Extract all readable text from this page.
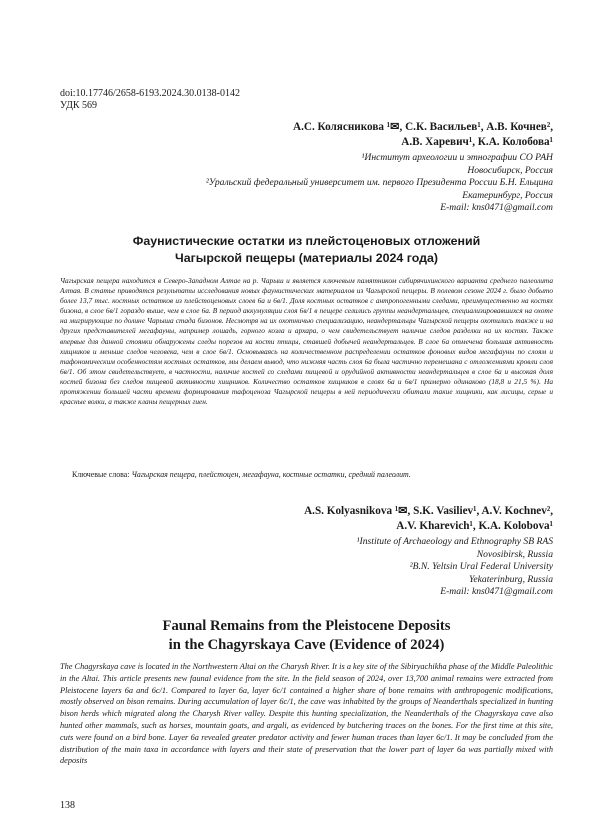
doi:10.17746/2658-6193.2024.30.0138-0142
УДК 569
А.С. Колясникова ¹✉, С.К. Васильев¹, А.В. Кочнев²,
А.В. Харевич¹, К.А. Колобова¹
¹Институт археологии и этнографии СО РАН
Новосибирск, Россия
²Уральский федеральный университет им. первого Президента России Б.Н. Ельцина
Екатеринбург, Россия
E-mail: kns0471@gmail.com
Фаунистические остатки из плейстоценовых отложений
Чагырской пещеры (материалы 2024 года)
Чагырская пещера находится в Северо-Западном Алтае на р. Чарыш и является ключевым памятником сибирячихинского варианта среднего палеолита Алтая. В статье приводятся результаты исследования новых фаунистических материалов из Чагырской пещеры. В полевом сезоне 2024 г. было добыто более 13,7 тыс. костных остатков из плейстоценовых слоев 6а и 6в/1. Доля костных остатков с антропогенными следами, преимущественно на костях бизона, в слое 6в/1 гораздо выше, чем в слое 6а. В период аккумуляции слоя 6в/1 в пещере селились группы неандертальцев, специализировавшихся на охоте на мигрирующие по долине Чарыша стада бизонов. Несмотря на их охотничью специализацию, неандертальцы Чагырской пещеры охотились также и на других представителей мегафауны, например лошадь, горного козла и архара, о чем свидетельствует наличие следов разделки на их костях. Также впервые для данной стоянки обнаружены следы порезов на кости птицы, ставшей добычей неандертальцев. В слое 6а отмечена большая активность хищников и меньше следов человека, чем в слое 6в/1. Основываясь на количественном распределении остатков фоновых видов мегафауны по слоям и тафономическим особенностям костных остатков, мы делаем вывод, что нижняя часть слоя 6а была частично перемешана с отложениями кровли слоя 6в/1. Об этом свидетельствует, в частности, наличие костей со следами пищевой и орудийной активности неандертальцев в слое 6а и высокая доля костей бизона без следов пищевой активности хищников. Количество остатков хищников в слоях 6а и 6в/1 примерно одинаково (18,8 и 21,5 %). На протяжении большей части времени формирования тафоценоза Чагырской пещеры в ней периодически обитали такие хищники, как лисицы, серые и красные волки, а также кланы пещерных гиен.
Ключевые слова: Чагырская пещера, плейстоцен, мегафауна, костные остатки, средний палеолит.
A.S. Kolyasnikova ¹✉, S.K. Vasiliev¹, A.V. Kochnev²,
A.V. Kharevich¹, K.A. Kolobova¹
¹Institute of Archaeology and Ethnography SB RAS
Novosibirsk, Russia
²B.N. Yeltsin Ural Federal University
Yekaterinburg, Russia
E-mail: kns0471@gmail.com
Faunal Remains from the Pleistocene Deposits
in the Chagyrskaya Cave (Evidence of 2024)
The Chagyrskaya cave is located in the Northwestern Altai on the Charysh River. It is a key site of the Sibiryachikha phase of the Middle Paleolithic in the Altai. This article presents new faunal evidence from the site. In the field season of 2024, over 13,700 animal remains were extracted from Pleistocene layers 6a and 6c/1. Compared to layer 6a, layer 6c/1 contained a higher share of bone remains with anthropogenic modifications, mostly observed on bison remains. During accumulation of layer 6c/1, the cave was inhabited by the groups of Neanderthals specialized in hunting bison herds which migrated along the Charysh River valley. Despite this hunting specialization, the Neanderthals of the Chagyrskaya cave also hunted other mammals, such as horses, mountain goats, and argali, as evidenced by butchering traces on the bones. For the first time at this site, cuts were found on a bird bone. Layer 6a revealed greater predator activity and fewer human traces than layer 6c/1. It may be concluded from the distribution of the main taxa in accordance with layers and their state of preservation that the lower part of layer 6a was partially mixed with deposits
138
